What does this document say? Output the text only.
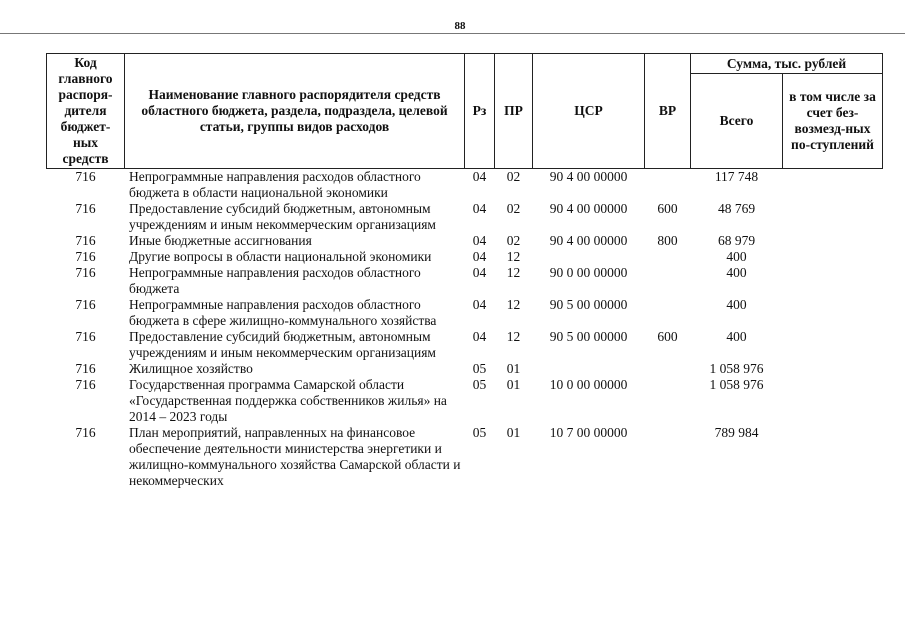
88
Код главного распоря-дителя бюджет-ных средств	Наименование главного распорядителя средств областного бюджета, раздела, подраздела, целевой статьи, группы видов расходов	Рз	ПР	ЦСР	ВР	Сумма, тыс. рублей	
						Всего	в том числе за счет без-возмезд-ных по-ступлений
716	Непрограммные направления расходов областного бюджета в области национальной экономики	04	02	90 4 00 00000		117 748	
716	Предоставление субсидий бюджетным, автономным учреждениям и иным некоммерческим организациям	04	02	90 4 00 00000	600	48 769	
716	Иные бюджетные ассигнования	04	02	90 4 00 00000	800	68 979	
716	Другие вопросы в области национальной экономики	04	12			400	
716	Непрограммные направления расходов областного бюджета	04	12	90 0 00 00000		400	
716	Непрограммные направления расходов областного бюджета в сфере жилищно-коммунального хозяйства	04	12	90 5 00 00000		400	
716	Предоставление субсидий бюджетным, автономным учреждениям и иным некоммерческим организациям	04	12	90 5 00 00000	600	400	
716	Жилищное хозяйство	05	01			1 058 976	
716	Государственная программа Самарской области «Государственная поддержка собственников жилья» на 2014 – 2023 годы	05	01	10 0 00 00000		1 058 976	
716	План мероприятий, направленных на финансовое обеспечение деятельности министерства энергетики и жилищно-коммунального хозяйства Самарской области и некоммерческих	05	01	10 7 00 00000		789 984	
